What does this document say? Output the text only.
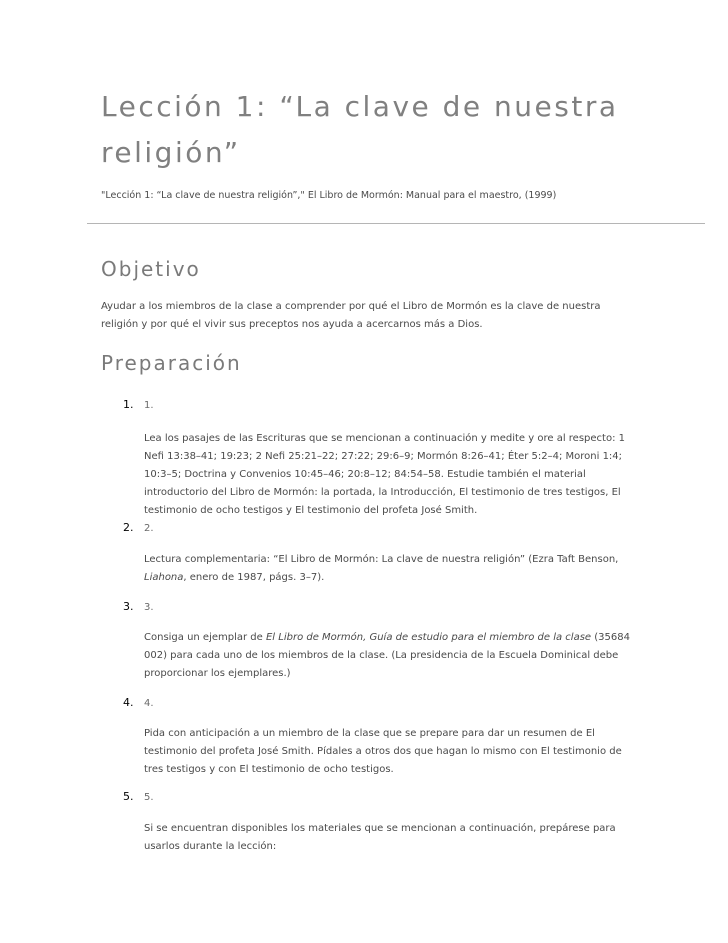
Lección 1: “La clave de nuestra religión”
"Lección 1: “La clave de nuestra religión”," El Libro de Mormón: Manual para el maestro, (1999)
Objetivo
Ayudar a los miembros de la clase a comprender por qué el Libro de Mormón es la clave de nuestra religión y por qué el vivir sus preceptos nos ayuda a acercarnos más a Dios.
Preparación
1. 1.
Lea los pasajes de las Escrituras que se mencionan a continuación y medite y ore al respecto: 1 Nefi 13:38–41; 19:23; 2 Nefi 25:21–22; 27:22; 29:6–9; Mormón 8:26–41; Éter 5:2–4; Moroni 1:4; 10:3–5; Doctrina y Convenios 10:45–46; 20:8–12; 84:54–58. Estudie también el material introductorio del Libro de Mormón: la portada, la Introducción, El testimonio de tres testigos, El testimonio de ocho testigos y El testimonio del profeta José Smith.
2. 2.
Lectura complementaria: “El Libro de Mormón: La clave de nuestra religión” (Ezra Taft Benson, Liahona, enero de 1987, págs. 3–7).
3. 3.
Consiga un ejemplar de El Libro de Mormón, Guía de estudio para el miembro de la clase (35684 002) para cada uno de los miembros de la clase. (La presidencia de la Escuela Dominical debe proporcionar los ejemplares.)
4. 4.
Pida con anticipación a un miembro de la clase que se prepare para dar un resumen de El testimonio del profeta José Smith. Pídales a otros dos que hagan lo mismo con El testimonio de tres testigos y con El testimonio de ocho testigos.
5. 5.
Si se encuentran disponibles los materiales que se mencionan a continuación, prepárese para usarlos durante la lección:
